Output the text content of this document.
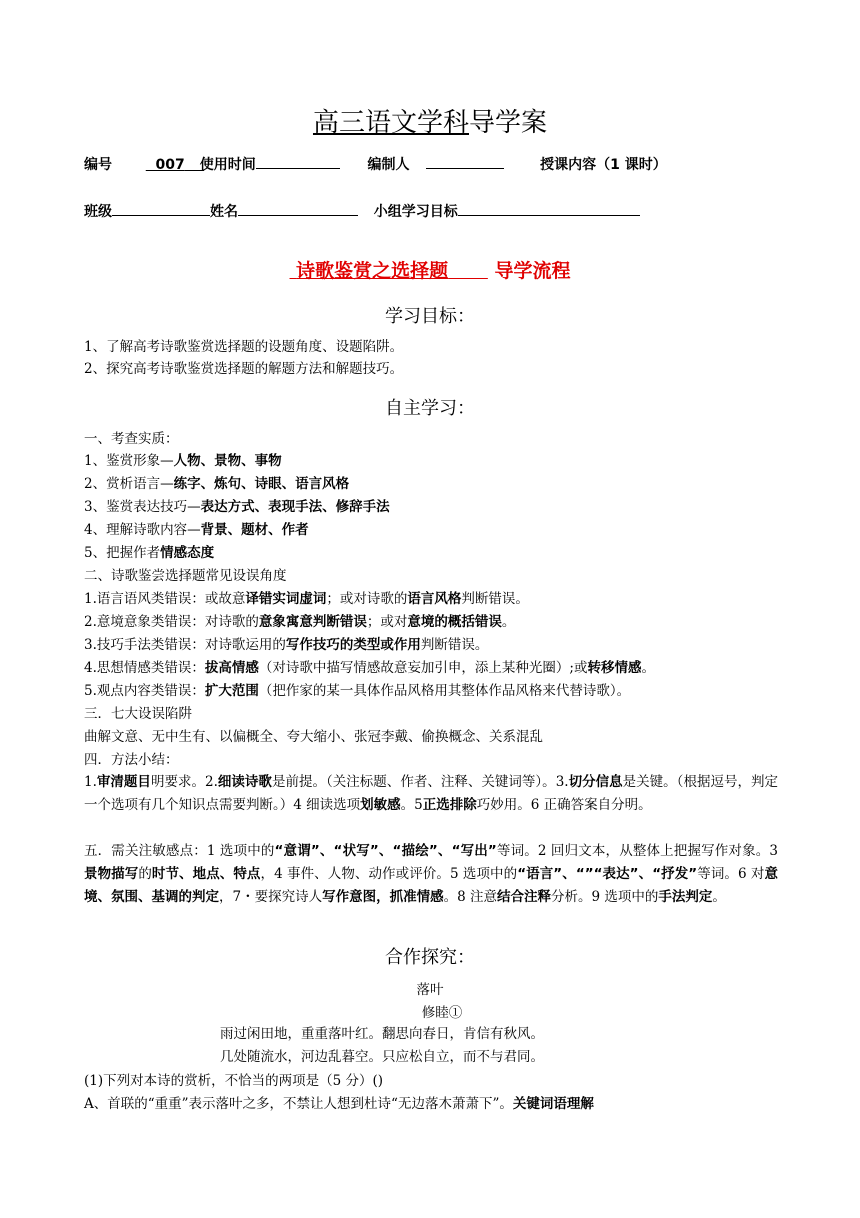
高三语文学科导学案
编号	007 使用时间	编制人	授课内容（1 课时）
班级	姓名	小组学习目标
诗歌鉴赏之选择题 导学流程
学习目标：
1、了解高考诗歌鉴赏选择题的设题角度、设题陷阱。
2、探究高考诗歌鉴赏选择题的解题方法和解题技巧。
自主学习：
一、考查实质：
1、鉴赏形象—人物、景物、事物
2、赏析语言—练字、炼句、诗眼、语言风格
3、鉴赏表达技巧—表达方式、表现手法、修辞手法
4、理解诗歌内容—背景、题材、作者
5、把握作者情感态度
二、诗歌鉴尝选择题常见设误角度
1.语言语风类错误：或故意译错实词虚词；或对诗歌的语言风格判断错误。
2.意境意象类错误：对诗歌的意象寓意判断错误；或对意境的概括错误。
3.技巧手法类错误：对诗歌运用的写作技巧的类型或作用判断错误。
4.思想情感类错误：拔高情感（对诗歌中描写情感故意妄加引申，添上某种光圈）;或转移情感。
5.观点内容类错误：扩大范围（把作家的某一具体作品风格用其整体作品风格来代替诗歌）。
三．七大设误陷阱
曲解文意、无中生有、以偏概全、夸大缩小、张冠李戴、偷换概念、关系混乱
四．方法小结：
1.审清题目明要求。2.细读诗歌是前提。（关注标题、作者、注释、关键词等）。3.切分信息是关键。（根据逗号，判定一个选项有几个知识点需要判断。）4 细读选项划敏感。5正选排除巧妙用。6 正确答案自分明。
五．需关注敏感点：1 选项中的“意谓”、“状写”、“描绘”、“写出”等词。2 回归文本，从整体上把握写作对象。3景物描写的时节、地点、特点，4 事件、人物、动作或评价。5 选项中的“语言”、“”“表达”、“抒发”等词。6 对意境、氛围、基调的判定，7・要探究诗人写作意图，抓准情感。8 注意结合注释分析。9 选项中的手法判定。
合作探究：
落叶
修睦①
雨过闲田地，重重落叶红。翻思向春日，肯信有秋风。
几处随流水，河边乱暮空。只应松自立，而不与君同。
(1)下列对本诗的赏析，不恰当的两项是（5 分）()
A、首联的“重重”表示落叶之多，不禁让人想到杜诗“无边落木萧萧下”。关键词语理解
